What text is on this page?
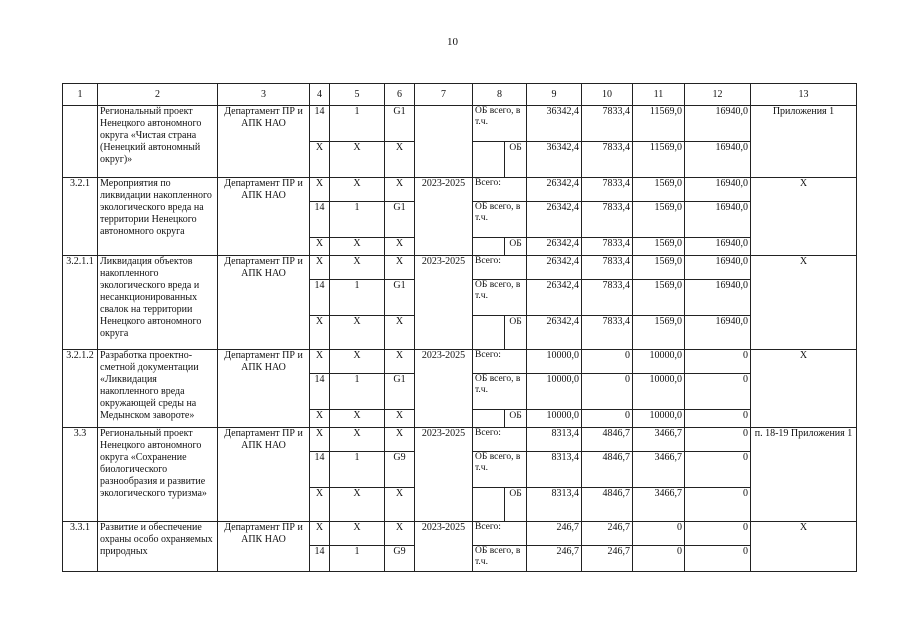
10
1	2	3	4	5	6	7	8		9	10	11	12	13
	Региональный проект Ненецкого автономного округа «Чистая страна (Ненецкий автономный округ)»	Департамент ПР и АПК НАО	14	1	G1		ОБ всего, в т.ч.		36342,4	7833,4	11569,0	16940,0	Приложения 1
			Х	Х	Х			ОБ	36342,4	7833,4	11569,0	16940,0	
3.2.1	Мероприятия по ликвидации накопленного экологического вреда на территории Ненецкого автономного округа	Департамент ПР и АПК НАО	Х	Х	Х	2023-2025	Всего:		26342,4	7833,4	1569,0	16940,0	Х
			14	1	G1		ОБ всего, в т.ч.		26342,4	7833,4	1569,0	16940,0	
			Х	Х	Х			ОБ	26342,4	7833,4	1569,0	16940,0	
3.2.1.1	Ликвидация объектов накопленного экологического вреда и несанкционированных свалок на территории Ненецкого автономного округа	Департамент ПР и АПК НАО	Х	Х	Х	2023-2025	Всего:		26342,4	7833,4	1569,0	16940,0	Х
			14	1	G1		ОБ всего, в т.ч.		26342,4	7833,4	1569,0	16940,0	
			Х	Х	Х			ОБ	26342,4	7833,4	1569,0	16940,0	
3.2.1.2	Разработка проектно-сметной документации «Ликвидация накопленного вреда окружающей среды на Медынском заворотe»	Департамент ПР и АПК НАО	Х	Х	Х	2023-2025	Всего:		10000,0	0	10000,0	0	Х
			14	1	G1		ОБ всего, в т.ч.		10000,0	0	10000,0	0	
			Х	Х	Х			ОБ	10000,0	0	10000,0	0	
3.3	Региональный проект Ненецкого автономного округа «Сохранение биологического разнообразия и развитие экологического туризма»	Департамент ПР и АПК НАО	Х	Х	Х	2023-2025	Всего:		8313,4	4846,7	3466,7	0	п. 18-19 Приложения 1
			14	1	G9		ОБ всего, в т.ч.		8313,4	4846,7	3466,7	0	
			Х	Х	Х			ОБ	8313,4	4846,7	3466,7	0	
3.3.1	Развитие и обеспечение охраны особо охраняемых природных	Департамент ПР и АПК НАО	Х	Х	Х	2023-2025	Всего:		246,7	246,7	0	0	Х
			14	1	G9		ОБ всего, в т.ч.		246,7	246,7	0	0	
